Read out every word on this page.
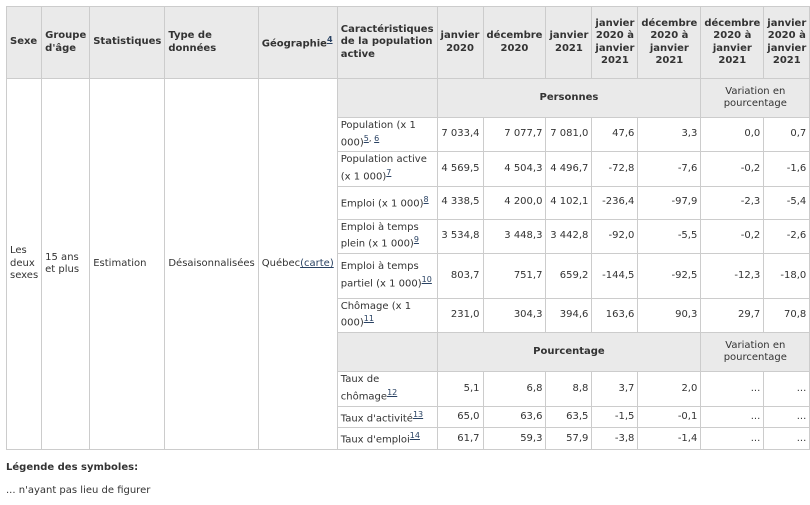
Sexe	Groupe d'âge	Statistiques	Type de données	Géographie$^4$	Caractéristiques de la population active	janvier 2020	décembre 2020	janvier 2021	janvier 2020 à janvier 2021	décembre 2020 à janvier 2021	décembre 2020 à janvier 2021	janvier 2020 à janvier 2021
Les deux sexes	15 ans et plus	Estimation	Désaisonnalisées	Québec(carte)		Personnes					Variation en pourcentage	
					Population (x 1 000)$^{5, 6}$	7 033,4	7 077,7	7 081,0	47,6	3,3	0,0	0,7
					Population active (x 1 000)$^7$	4 569,5	4 504,3	4 496,7	-72,8	-7,6	-0,2	-1,6
					Emploi (x 1 000)$^8$	4 338,5	4 200,0	4 102,1	-236,4	-97,9	-2,3	-5,4
					Emploi à temps plein (x 1 000)$^9$	3 534,8	3 448,3	3 442,8	-92,0	-5,5	-0,2	-2,6
					Emploi à temps partiel (x 1 000)$^{10}$	803,7	751,7	659,2	-144,5	-92,5	-12,3	-18,0
					Chômage (x 1 000)$^{11}$	231,0	304,3	394,6	163,6	90,3	29,7	70,8
						Pourcentage					Variation en pourcentage	
					Taux de chômage$^{12}$	5,1	6,8	8,8	3,7	2,0	...	...
					Taux d'activité$^{13}$	65,0	63,6	63,5	-1,5	-0,1	...	...
					Taux d'emploi$^{14}$	61,7	59,3	57,9	-3,8	-1,4	...	...
Légende des symboles:
... n'ayant pas lieu de figurer
